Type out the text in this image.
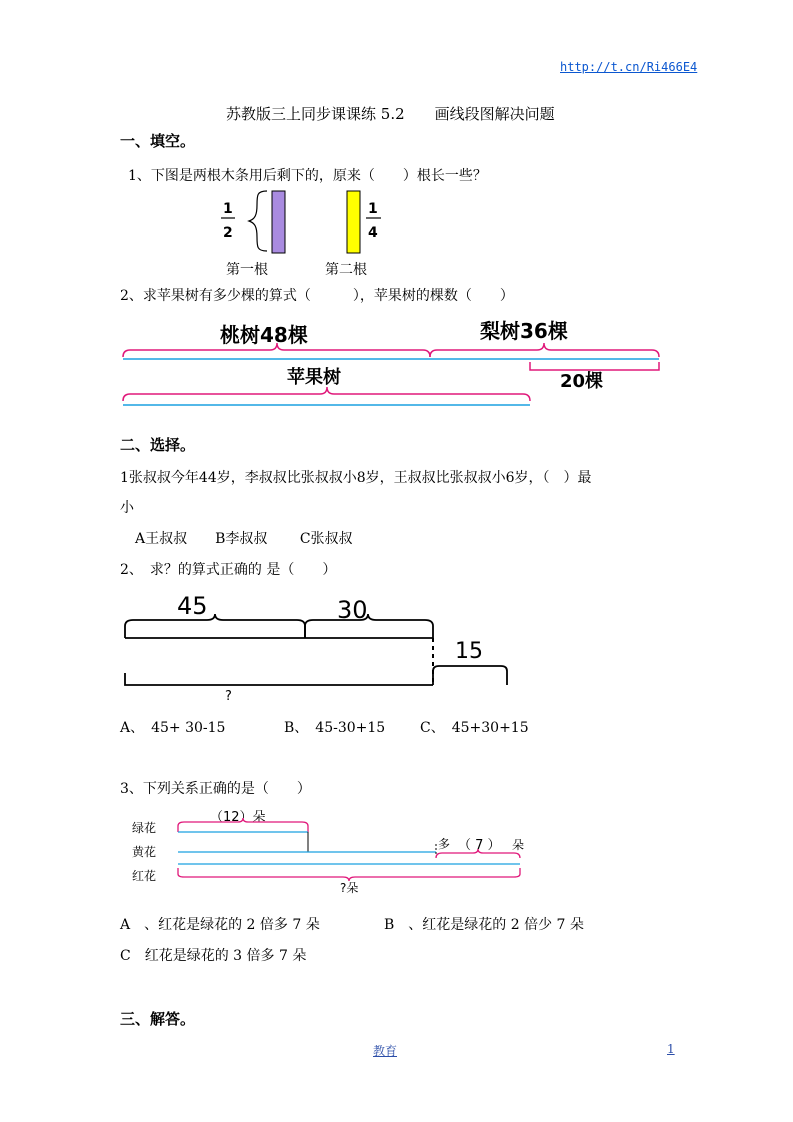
http://t.cn/Ri466E4
苏教版三上同步课课练 5.2　　画线段图解决问题
一、填空。
1、下图是两根木条用后剩下的，原来（　　）根长一些？
1
2
1
4
第一根	第二根
2、求苹果树有多少棵的算式（　　　），苹果树的棵数（　　）
桃树48棵	梨树36棵
苹果树	20棵
二、选择。
1张叔叔今年44岁，李叔叔比张叔叔小8岁，王叔叔比张叔叔小6岁，（　）最
小
A王叔叔　　B李叔叔　　 C张叔叔
2、　求？的算式正确的 是（　　）
45	30
15
?
A、　45+ 30-15	B、　45-30+15 C、　45+30+15
3、下列关系正确的是（　　）
绿花
黄花
红花
（12）朵
多 （ 7 ） 朵
?朵
A　、红花是绿花的 2 倍多 7 朵	B　、红花是绿花的 2 倍少 7 朵
C　红花是绿花的 3 倍多 7 朵
三、解答。
教育	1
